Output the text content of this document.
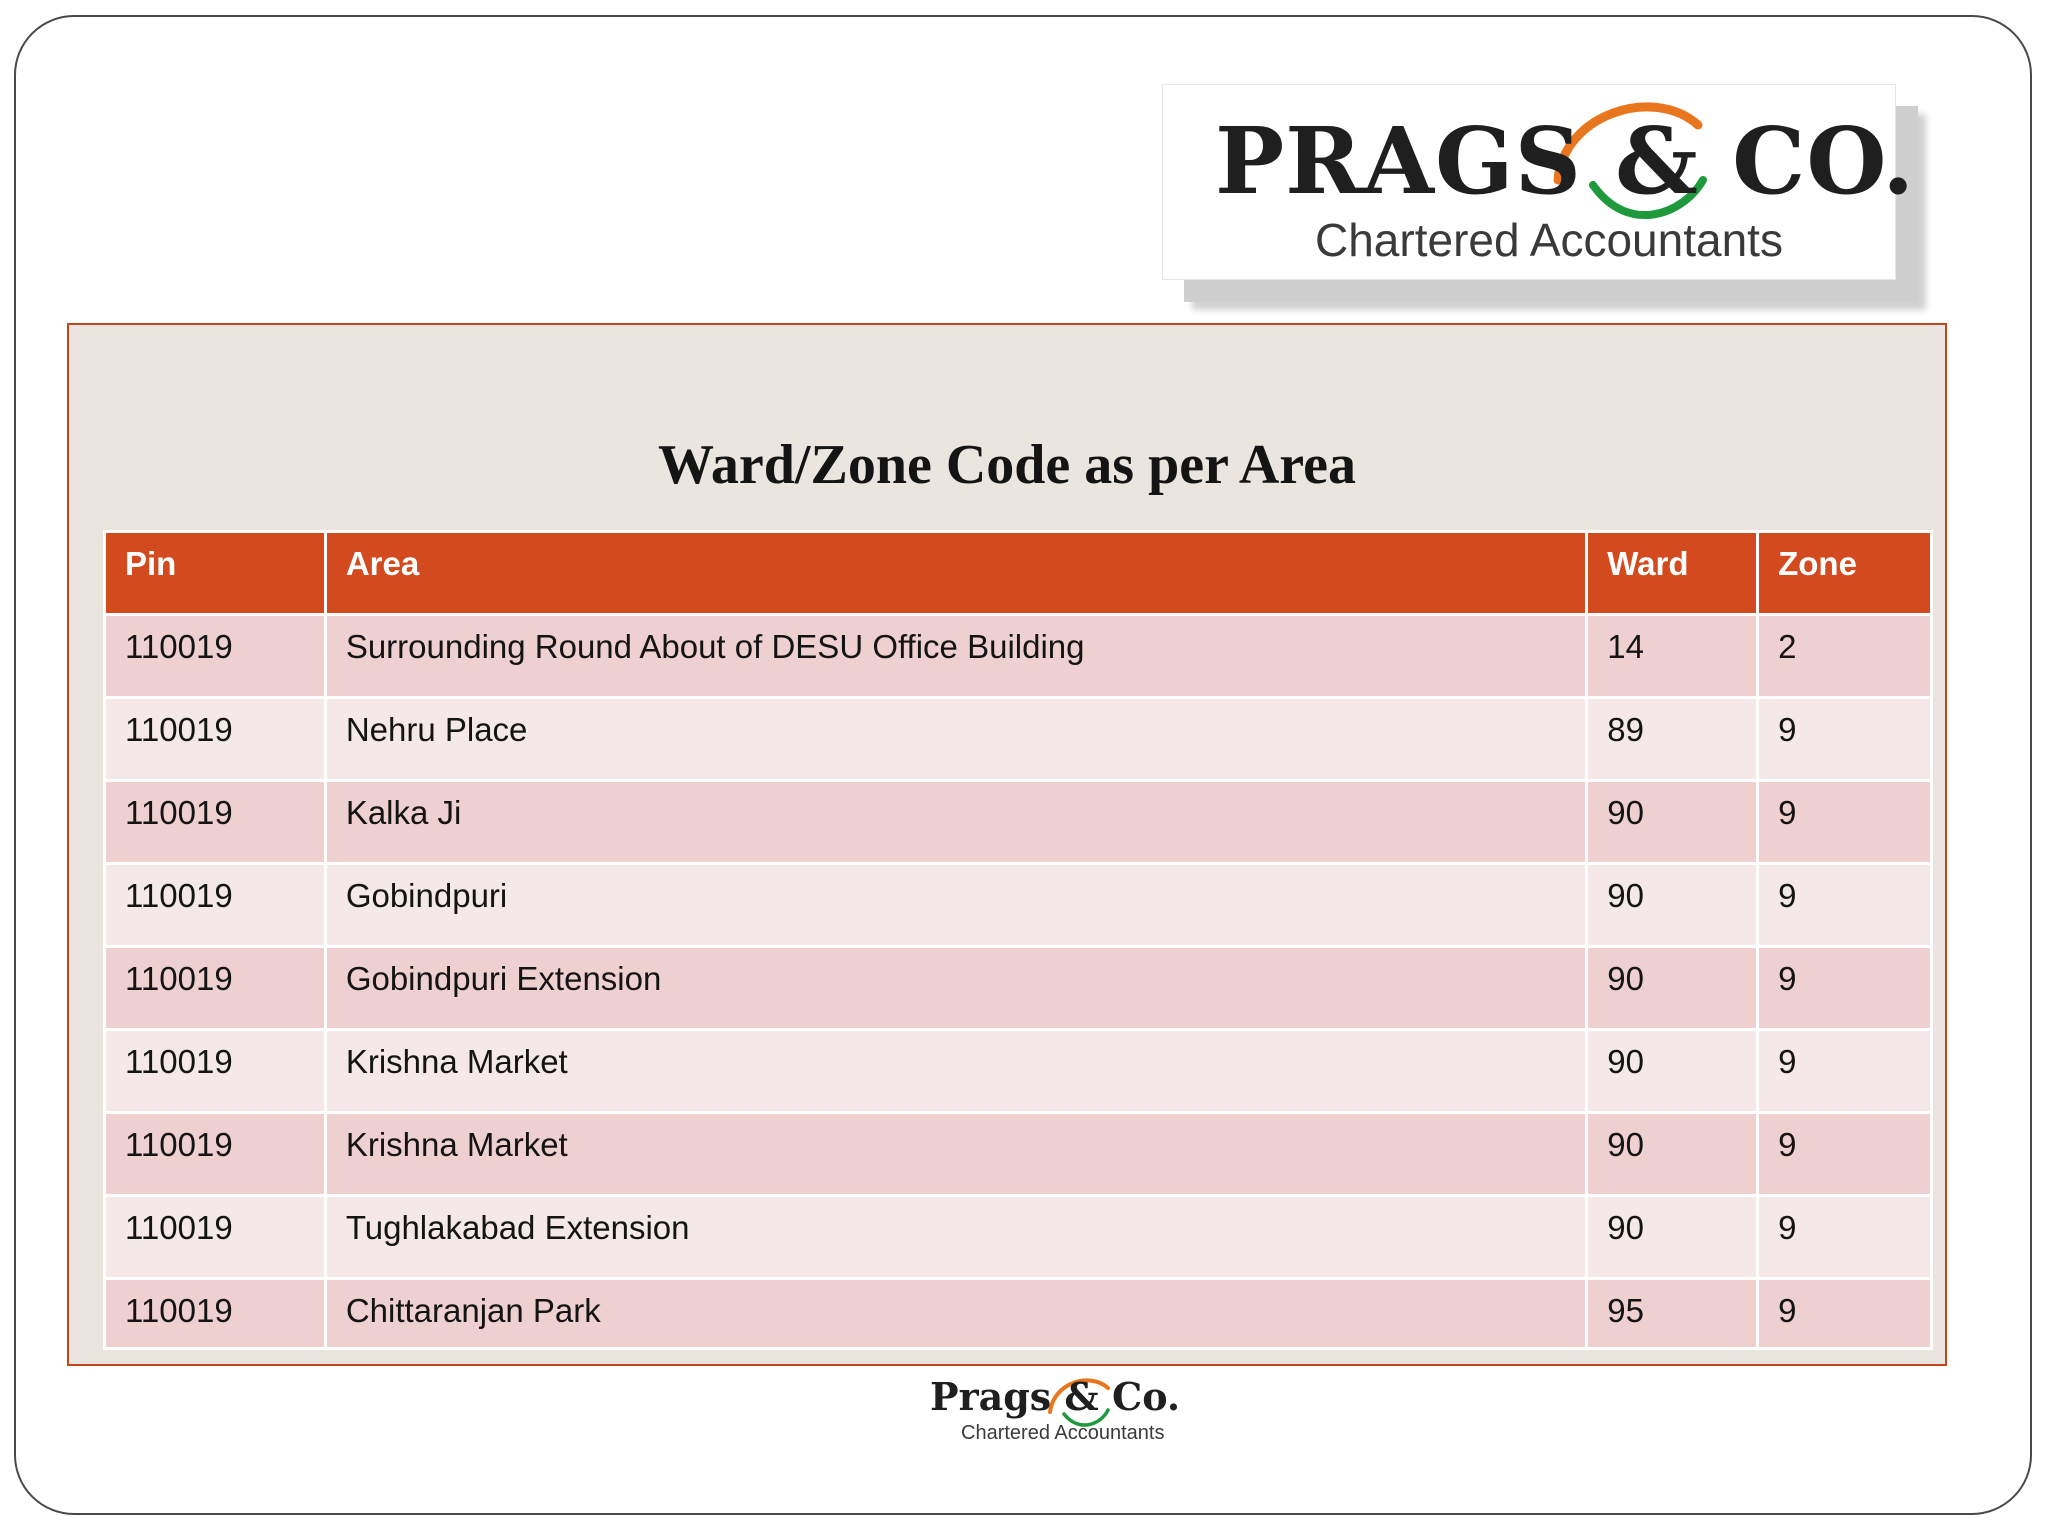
PRAGS & CO.
Chartered Accountants
Ward/Zone Code as per Area
Pin	Area	Ward	Zone
110019	Surrounding Round About of DESU Office Building	14	2
110019	Nehru Place	89	9
110019	Kalka Ji	90	9
110019	Gobindpuri	90	9
110019	Gobindpuri Extension	90	9
110019	Krishna Market	90	9
110019	Krishna Market	90	9
110019	Tughlakabad Extension	90	9
110019	Chittaranjan Park	95	9
Prags & Co.
Chartered Accountants
